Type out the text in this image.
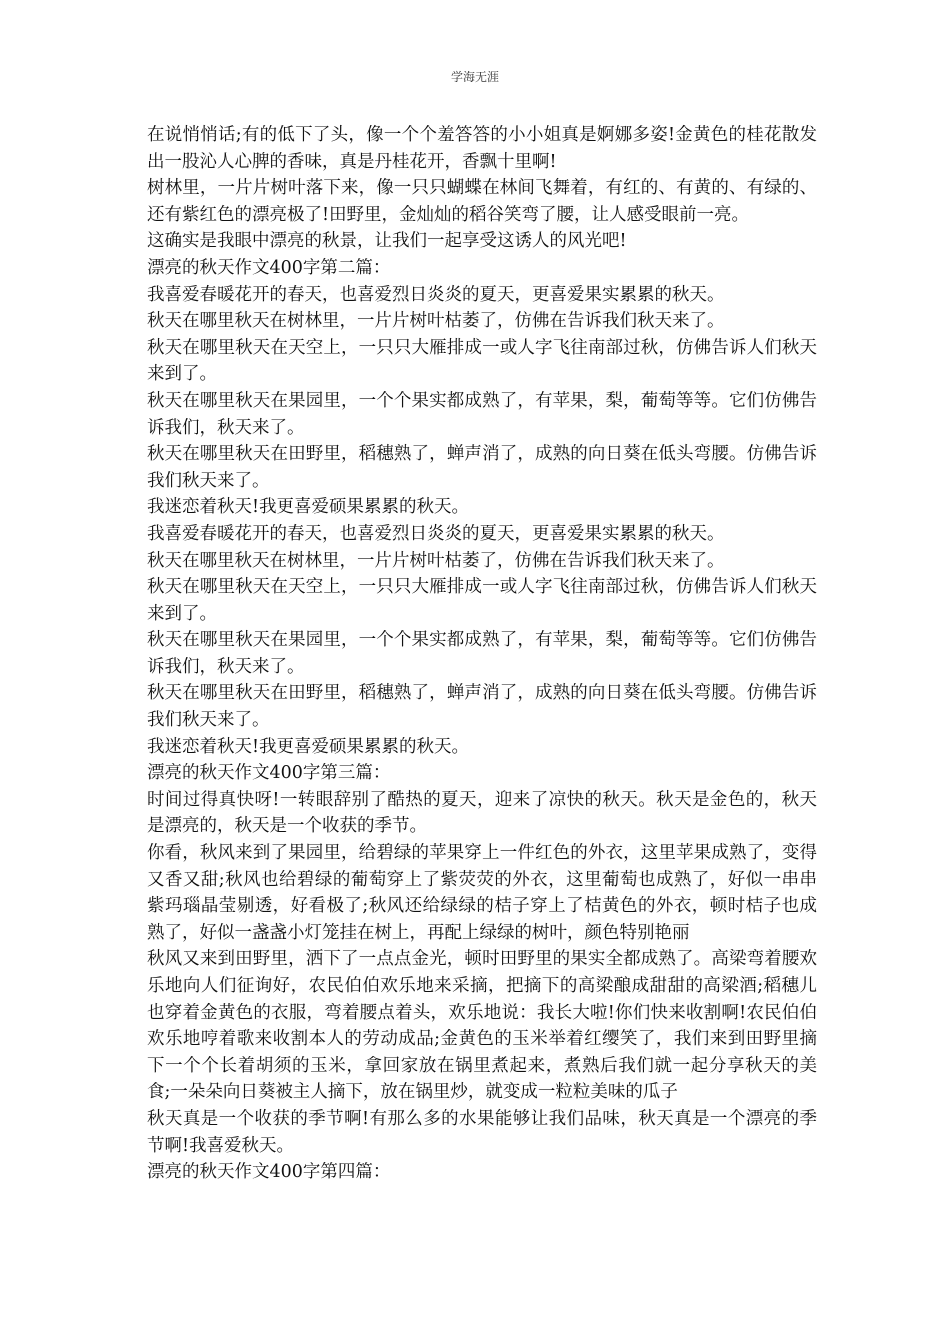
学海无涯

在说悄悄话;有的低下了头，像一个个羞答答的小小姐真是婀娜多姿!金黄色的桂花散发出一股沁人心脾的香味，真是丹桂花开，香飘十里啊!

树林里，一片片树叶落下来，像一只只蝴蝶在林间飞舞着，有红的、有黄的、有绿的、还有紫红色的漂亮极了!田野里，金灿灿的稻谷笑弯了腰，让人感受眼前一亮。

这确实是我眼中漂亮的秋景，让我们一起享受这诱人的风光吧!

漂亮的秋天作文400字第二篇：

我喜爱春暖花开的春天，也喜爱烈日炎炎的夏天，更喜爱果实累累的秋天。

秋天在哪里秋天在树林里，一片片树叶枯萎了，仿佛在告诉我们秋天来了。

秋天在哪里秋天在天空上，一只只大雁排成一或人字飞往南部过秋，仿佛告诉人们秋天来到了。

秋天在哪里秋天在果园里，一个个果实都成熟了，有苹果，梨，葡萄等等。它们仿佛告诉我们，秋天来了。

秋天在哪里秋天在田野里，稻穗熟了，蝉声消了，成熟的向日葵在低头弯腰。仿佛告诉我们秋天来了。

我迷恋着秋天!我更喜爱硕果累累的秋天。

我喜爱春暖花开的春天，也喜爱烈日炎炎的夏天，更喜爱果实累累的秋天。

秋天在哪里秋天在树林里，一片片树叶枯萎了，仿佛在告诉我们秋天来了。

秋天在哪里秋天在天空上，一只只大雁排成一或人字飞往南部过秋，仿佛告诉人们秋天来到了。

秋天在哪里秋天在果园里，一个个果实都成熟了，有苹果，梨，葡萄等等。它们仿佛告诉我们，秋天来了。

秋天在哪里秋天在田野里，稻穗熟了，蝉声消了，成熟的向日葵在低头弯腰。仿佛告诉我们秋天来了。

我迷恋着秋天!我更喜爱硕果累累的秋天。

漂亮的秋天作文400字第三篇：

时间过得真快呀!一转眼辞别了酷热的夏天，迎来了凉快的秋天。秋天是金色的，秋天是漂亮的，秋天是一个收获的季节。

你看，秋风来到了果园里，给碧绿的苹果穿上一件红色的外衣，这里苹果成熟了，变得又香又甜;秋风也给碧绿的葡萄穿上了紫荧荧的外衣，这里葡萄也成熟了，好似一串串紫玛瑙晶莹剔透，好看极了;秋风还给绿绿的桔子穿上了桔黄色的外衣，顿时桔子也成熟了，好似一盏盏小灯笼挂在树上，再配上绿绿的树叶，颜色特别艳丽

秋风又来到田野里，洒下了一点点金光，顿时田野里的果实全都成熟了。高梁弯着腰欢乐地向人们征询好，农民伯伯欢乐地来采摘，把摘下的高梁酿成甜甜的高梁酒;稻穗儿也穿着金黄色的衣服，弯着腰点着头，欢乐地说：我长大啦!你们快来收割啊!农民伯伯欢乐地哼着歌来收割本人的劳动成品;金黄色的玉米举着红缨笑了，我们来到田野里摘下一个个长着胡须的玉米，拿回家放在锅里煮起来，煮熟后我们就一起分享秋天的美食;一朵朵向日葵被主人摘下，放在锅里炒，就变成一粒粒美味的瓜子

秋天真是一个收获的季节啊!有那么多的水果能够让我们品味，秋天真是一个漂亮的季节啊!我喜爱秋天。

漂亮的秋天作文400字第四篇：
